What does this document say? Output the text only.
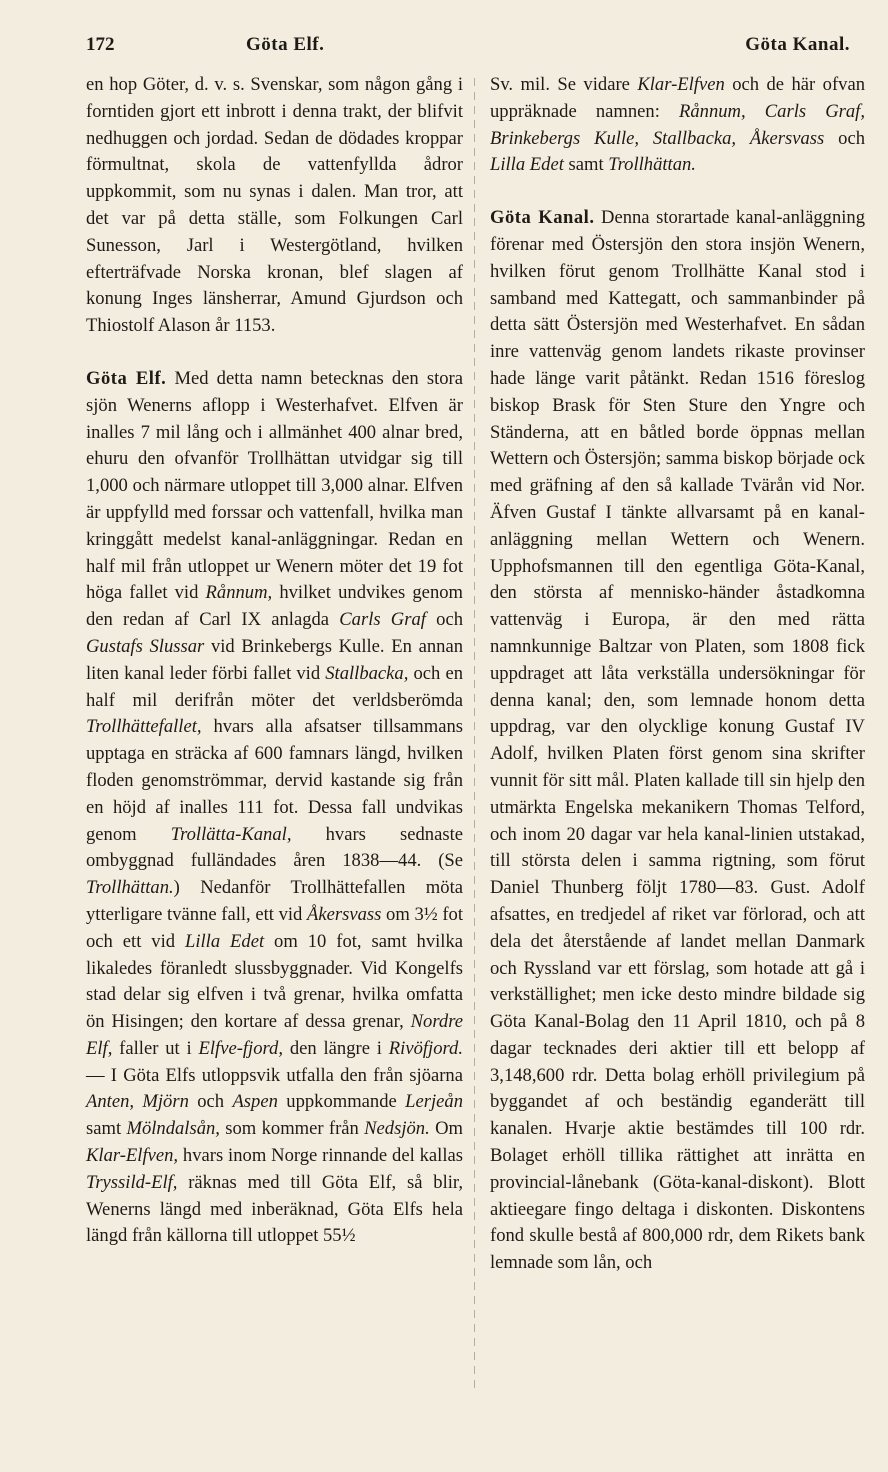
172	Göta Elf.	Göta Kanal.

en hop Göter, d. v. s. Svenskar, som någon gång i forntiden gjort ett inbrott i denna trakt, der blifvit nedhuggen och jordad. Sedan de dödades kroppar förmultnat, skola de vattenfyllda ådror uppkommit, som nu synas i dalen. Man tror, att det var på detta ställe, som Folkungen Carl Sunesson, Jarl i Westergötland, hvilken efterträfvade Norska kronan, blef slagen af konung Inges länsherrar, Amund Gjurdson och Thiostolf Alason år 1153.

Göta Elf. Med detta namn betecknas den stora sjön Wenerns aflopp i Westerhafvet. Elfven är inalles 7 mil lång och i allmänhet 400 alnar bred, ehuru den ofvanför Trollhättan utvidgar sig till 1,000 och närmare utloppet till 3,000 alnar. Elfven är uppfylld med forssar och vattenfall, hvilka man kringgått medelst kanal-anläggningar. Redan en half mil från utloppet ur Wenern möter det 19 fot höga fallet vid Rånnum, hvilket undvikes genom den redan af Carl IX anlagda Carls Graf och Gustafs Slussar vid Brinkebergs Kulle. En annan liten kanal leder förbi fallet vid Stallbacka, och en half mil derifrån möter det verldsberömda Trollhättefallet, hvars alla afsatser tillsammans upptaga en sträcka af 600 famnars längd, hvilken floden genomströmmar, dervid kastande sig från en höjd af inalles 111 fot. Dessa fall undvikas genom Trollätta-Kanal, hvars sednaste ombyggnad fulländades åren 1838—44. (Se Trollhättan.) Nedanför Trollhättefallen möta ytterligare tvänne fall, ett vid Åkersvass om 3½ fot och ett vid Lilla Edet om 10 fot, samt hvilka likaledes föranledt slussbyggnader. Vid Kongelfs stad delar sig elfven i två grenar, hvilka omfatta ön Hisingen; den kortare af dessa grenar, Nordre Elf, faller ut i Elfve-fjord, den längre i Rivöfjord. — I Göta Elfs utloppsvik utfalla den från sjöarna Anten, Mjörn och Aspen uppkommande Lerjeån samt Mölndalsån, som kommer från Nedsjön. Om Klar-Elfven, hvars inom Norge rinnande del kallas Tryssild-Elf, räknas med till Göta Elf, så blir, Wenerns längd med inberäknad, Göta Elfs hela längd från källorna till utloppet 55½

Sv. mil. Se vidare Klar-Elfven och de här ofvan uppräknade namnen: Rånnum, Carls Graf, Brinkebergs Kulle, Stallbacka, Åkersvass och Lilla Edet samt Trollhättan.

Göta Kanal. Denna storartade kanal-anläggning förenar med Östersjön den stora insjön Wenern, hvilken förut genom Trollhätte Kanal stod i samband med Kattegatt, och sammanbinder på detta sätt Östersjön med Westerhafvet. En sådan inre vattenväg genom landets rikaste provinser hade länge varit påtänkt. Redan 1516 föreslog biskop Brask för Sten Sture den Yngre och Ständerna, att en båtled borde öppnas mellan Wettern och Östersjön; samma biskop började ock med gräfning af den så kallade Tvärån vid Nor. Äfven Gustaf I tänkte allvarsamt på en kanal-anläggning mellan Wettern och Wenern. Upphofsmannen till den egentliga Göta-Kanal, den största af mennisko-händer åstadkomna vattenväg i Europa, är den med rätta namnkunnige Baltzar von Platen, som 1808 fick uppdraget att låta verkställa undersökningar för denna kanal; den, som lemnade honom detta uppdrag, var den olycklige konung Gustaf IV Adolf, hvilken Platen först genom sina skrifter vunnit för sitt mål. Platen kallade till sin hjelp den utmärkta Engelska mekanikern Thomas Telford, och inom 20 dagar var hela kanal-linien utstakad, till största delen i samma rigtning, som förut Daniel Thunberg följt 1780—83. Gust. Adolf afsattes, en tredjedel af riket var förlorad, och att dela det återstående af landet mellan Danmark och Ryssland var ett förslag, som hotade att gå i verkställighet; men icke desto mindre bildade sig Göta Kanal-Bolag den 11 April 1810, och på 8 dagar tecknades deri aktier till ett belopp af 3,148,600 rdr. Detta bolag erhöll privilegium på byggandet af och beständig eganderätt till kanalen. Hvarje aktie bestämdes till 100 rdr. Bolaget erhöll tillika rättighet att inrätta en provincial-lånebank (Göta-kanal-diskont). Blott aktieegare fingo deltaga i diskonten. Diskontens fond skulle bestå af 800,000 rdr, dem Rikets bank lemnade som lån, och
